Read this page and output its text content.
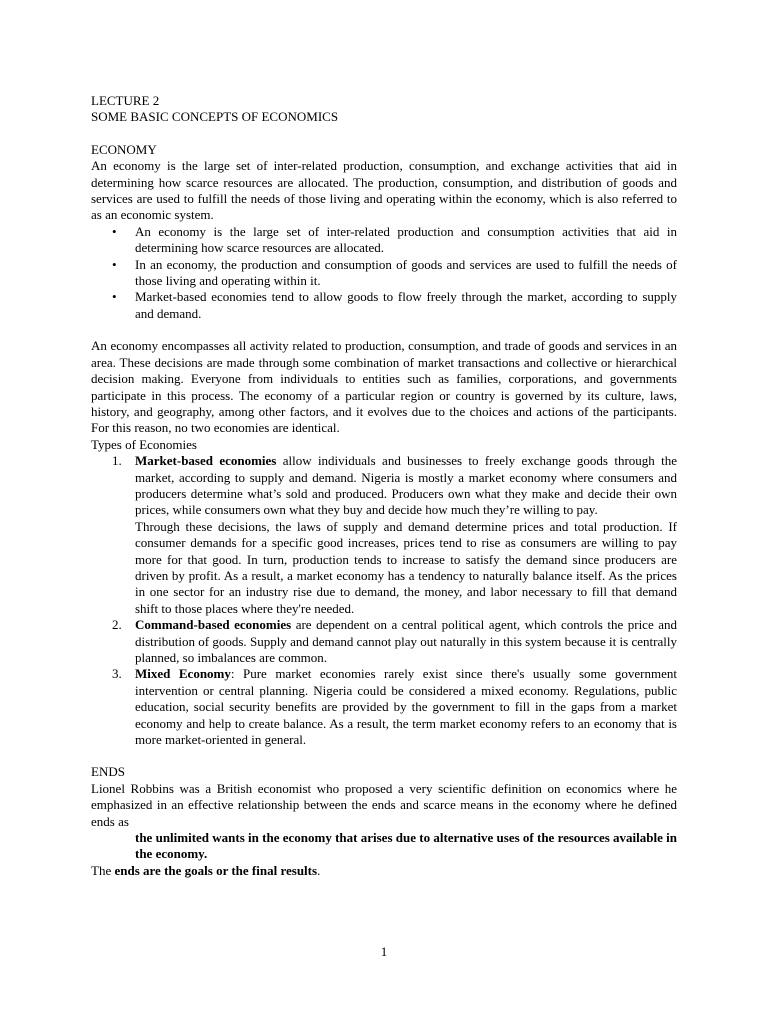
LECTURE 2

SOME BASIC CONCEPTS OF ECONOMICS

ECONOMY

An economy is the large set of inter-related production, consumption, and exchange activities that aid in determining how scarce resources are allocated. The production, consumption, and distribution of goods and services are used to fulfill the needs of those living and operating within the economy, which is also referred to as an economic system.

• An economy is the large set of inter-related production and consumption activities that aid in determining how scarce resources are allocated.
• In an economy, the production and consumption of goods and services are used to fulfill the needs of those living and operating within it.
• Market-based economies tend to allow goods to flow freely through the market, according to supply and demand.

An economy encompasses all activity related to production, consumption, and trade of goods and services in an area. These decisions are made through some combination of market transactions and collective or hierarchical decision making. Everyone from individuals to entities such as families, corporations, and governments participate in this process. The economy of a particular region or country is governed by its culture, laws, history, and geography, among other factors, and it evolves due to the choices and actions of the participants. For this reason, no two economies are identical.

Types of Economies

1. Market-based economies allow individuals and businesses to freely exchange goods through the market, according to supply and demand. Nigeria is mostly a market economy where consumers and producers determine what’s sold and produced. Producers own what they make and decide their own prices, while consumers own what they buy and decide how much they’re willing to pay.

Through these decisions, the laws of supply and demand determine prices and total production. If consumer demands for a specific good increases, prices tend to rise as consumers are willing to pay more for that good. In turn, production tends to increase to satisfy the demand since producers are driven by profit. As a result, a market economy has a tendency to naturally balance itself. As the prices in one sector for an industry rise due to demand, the money, and labor necessary to fill that demand shift to those places where they're needed.

2. Command-based economies are dependent on a central political agent, which controls the price and distribution of goods. Supply and demand cannot play out naturally in this system because it is centrally planned, so imbalances are common.

3. Mixed Economy: Pure market economies rarely exist since there's usually some government intervention or central planning. Nigeria could be considered a mixed economy. Regulations, public education, social security benefits are provided by the government to fill in the gaps from a market economy and help to create balance. As a result, the term market economy refers to an economy that is more market-oriented in general.

ENDS

Lionel Robbins was a British economist who proposed a very scientific definition on economics where he emphasized in an effective relationship between the ends and scarce means in the economy where he defined ends as

the unlimited wants in the economy that arises due to alternative uses of the resources available in the economy.

The ends are the goals or the final results.

1
